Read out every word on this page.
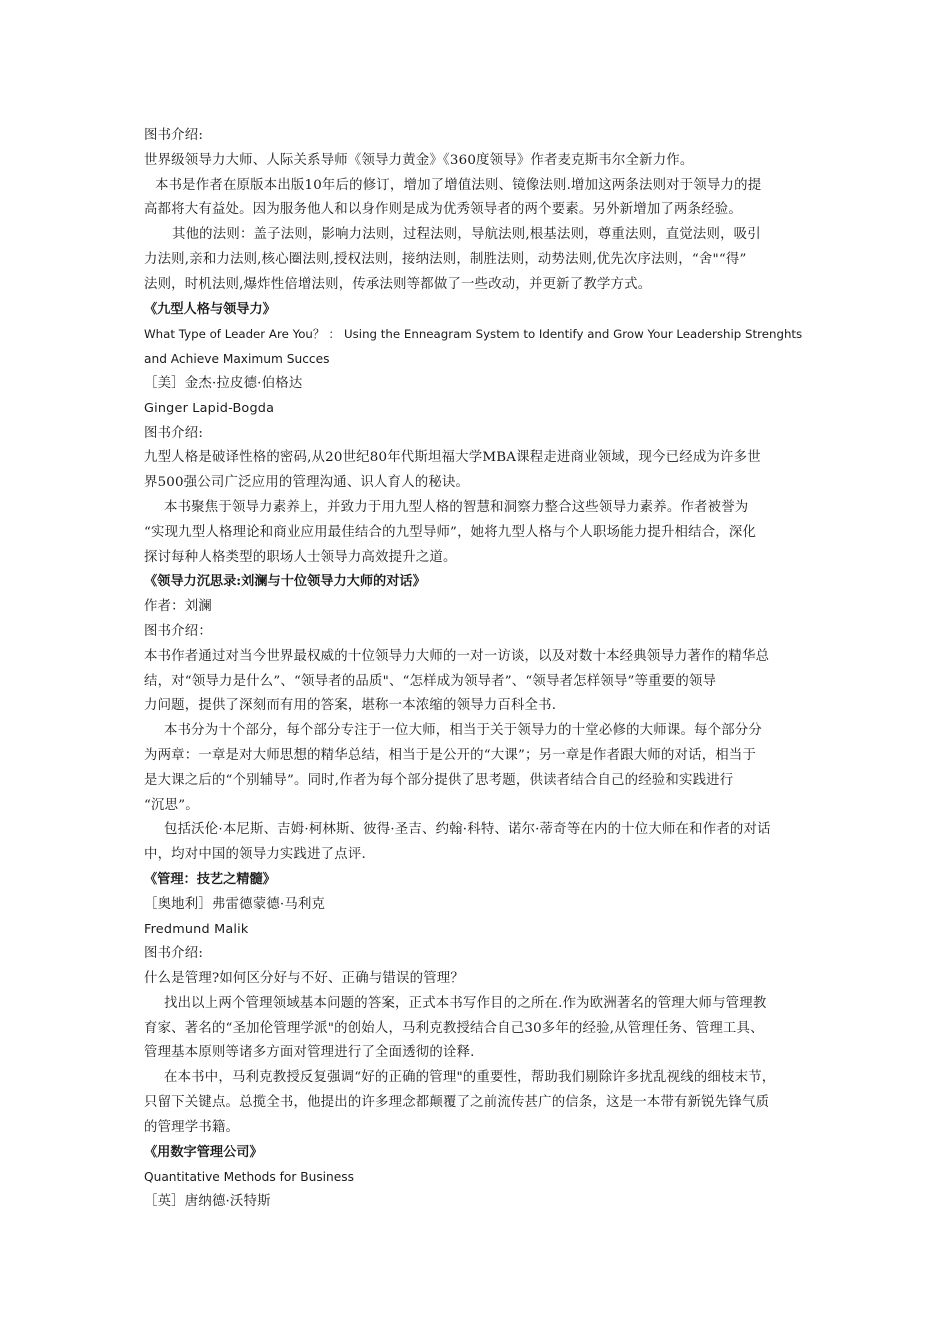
图书介绍:
世界级领导力大师、人际关系导师《领导力黄金》《360度领导》作者麦克斯韦尔全新力作。
本书是作者在原版本出版10年后的修订，增加了增值法则、镜像法则.增加这两条法则对于领导力的提
高都将大有益处。因为服务他人和以身作则是成为优秀领导者的两个要素。另外新增加了两条经验。
其他的法则：盖子法则，影响力法则，过程法则，导航法则,根基法则，尊重法则，直觉法则，吸引
力法则,亲和力法则,核心圈法则,授权法则，接纳法则，制胜法则，动势法则,优先次序法则，“舍"“得”
法则，时机法则,爆炸性倍增法则，传承法则等都做了一些改动，并更新了教学方式。
《九型人格与领导力》
What Type of Leader Are You？ ： Using the Enneagram System to Identify and Grow Your Leadership Strenghts
and Achieve Maximum Succes
［美］金杰·拉皮德·伯格达
Ginger Lapid-Bogda
图书介绍:
九型人格是破译性格的密码,从20世纪80年代斯坦福大学MBA课程走进商业领域，现今已经成为许多世
界500强公司广泛应用的管理沟通、识人育人的秘诀。
本书聚焦于领导力素养上，并致力于用九型人格的智慧和洞察力整合这些领导力素养。作者被誉为
“实现九型人格理论和商业应用最佳结合的九型导师”，她将九型人格与个人职场能力提升相结合，深化
探讨每种人格类型的职场人士领导力高效提升之道。
《领导力沉思录:刘澜与十位领导力大师的对话》
作者：刘澜
图书介绍：
本书作者通过对当今世界最权威的十位领导力大师的一对一访谈，以及对数十本经典领导力著作的精华总
结，对“领导力是什么”、“领导者的品质"、“怎样成为领导者”、“领导者怎样领导”等重要的领导
力问题，提供了深刻而有用的答案，堪称一本浓缩的领导力百科全书.
本书分为十个部分，每个部分专注于一位大师，相当于关于领导力的十堂必修的大师课。每个部分分
为两章：一章是对大师思想的精华总结，相当于是公开的“大课”；另一章是作者跟大师的对话，相当于
是大课之后的“个别辅导”。同时,作者为每个部分提供了思考题，供读者结合自己的经验和实践进行
“沉思”。
包括沃伦·本尼斯、吉姆·柯林斯、彼得·圣吉、约翰·科特、诺尔·蒂奇等在内的十位大师在和作者的对话
中，均对中国的领导力实践进了点评.
《管理：技艺之精髓》
［奥地利］弗雷德蒙德·马利克
Fredmund Malik
图书介绍:
什么是管理?如何区分好与不好、正确与错误的管理？
找出以上两个管理领域基本问题的答案，正式本书写作目的之所在.作为欧洲著名的管理大师与管理教
育家、著名的“圣加伦管理学派"的创始人，马利克教授结合自己30多年的经验,从管理任务、管理工具、
管理基本原则等诸多方面对管理进行了全面透彻的诠释.
在本书中，马利克教授反复强调“好的正确的管理"的重要性，帮助我们剔除许多扰乱视线的细枝末节，
只留下关键点。总揽全书，他提出的许多理念都颠覆了之前流传甚广的信条，这是一本带有新锐先锋气质
的管理学书籍。
《用数字管理公司》
Quantitative Methods for Business
［英］唐纳德·沃特斯
